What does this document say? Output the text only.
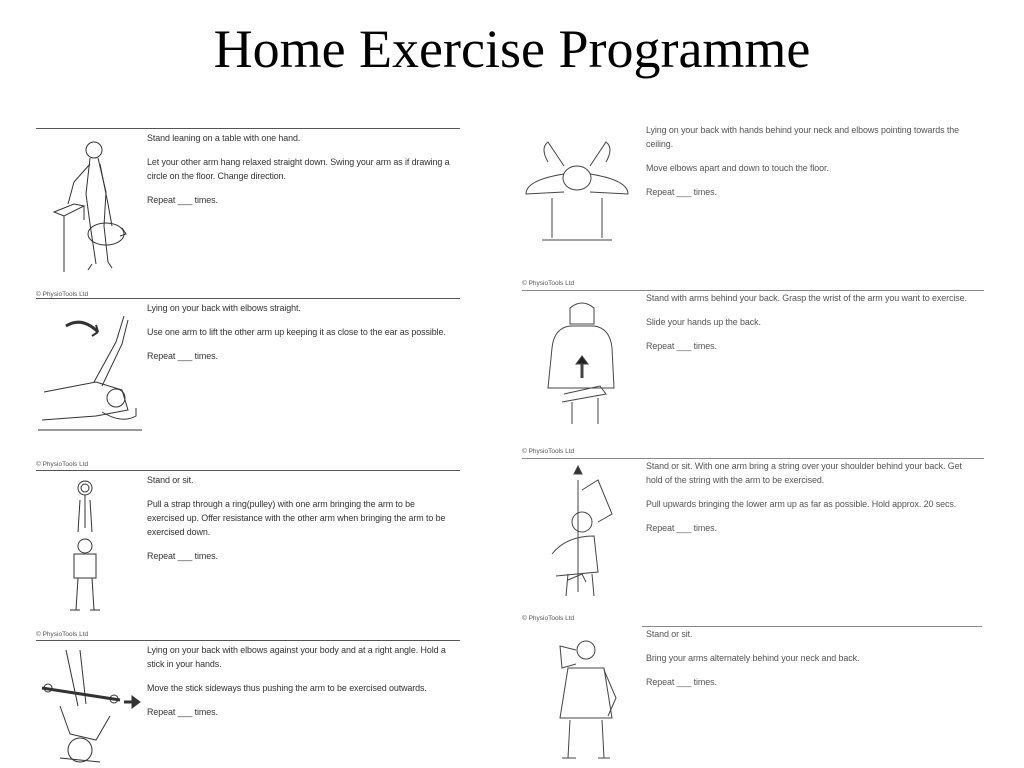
Home Exercise Programme

Stand leaning on a table with one hand.

Let your other arm hang relaxed straight down. Swing your arm as if drawing a circle on the floor. Change direction.

Repeat ___ times.

© PhysioTools Ltd

Lying on your back with elbows straight.

Use one arm to lift the other arm up keeping it as close to the ear as possible.

Repeat ___ times.

© PhysioTools Ltd

Stand or sit.

Pull a strap through a ring(pulley) with one arm bringing the arm to be exercised up. Offer resistance with the other arm when bringing the arm to be exercised down.

Repeat ___ times.

© PhysioTools Ltd

Lying on your back with elbows against your body and at a right angle. Hold a stick in your hands.

Move the stick sideways thus pushing the arm to be exercised outwards.

Repeat ___ times.

Lying on your back with hands behind your neck and elbows pointing towards the ceiling.

Move elbows apart and down to touch the floor.

Repeat ___ times.

© PhysioTools Ltd

Stand with arms behind your back. Grasp the wrist of the arm you want to exercise.

Slide your hands up the back.

Repeat ___ times.

© PhysioTools Ltd

Stand or sit. With one arm bring a string over your shoulder behind your back. Get hold of the string with the arm to be exercised.

Pull upwards bringing the lower arm up as far as possible. Hold approx. 20 secs.

Repeat ___ times.

© PhysioTools Ltd

Stand or sit.

Bring your arms alternately behind your neck and back.

Repeat ___ times.
